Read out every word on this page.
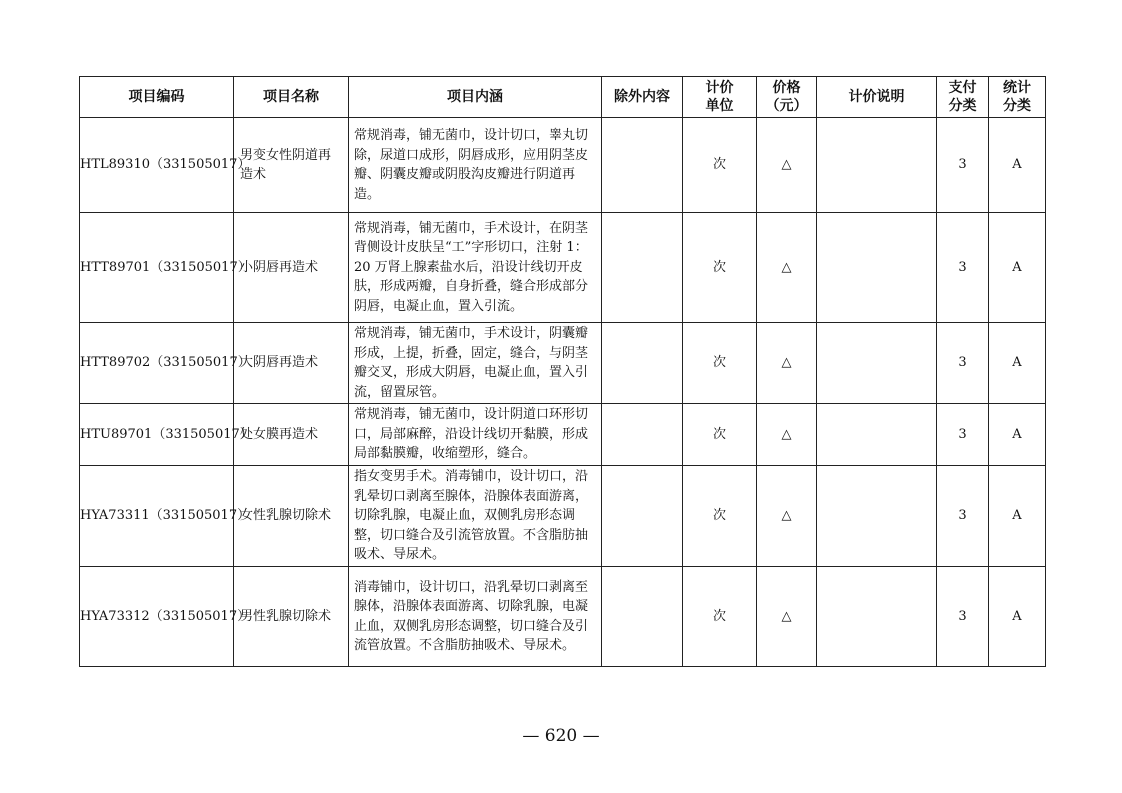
项目编码	项目名称	项目内涵	除外内容	计价单位	价格（元）	计价说明	支付分类	统计分类
HTL89310（331505017）	男变女性阴道再造术	常规消毒，铺无菌巾，设计切口，睾丸切除，尿道口成形，阴唇成形，应用阴茎皮瓣、阴囊皮瓣或阴股沟皮瓣进行阴道再造。		次	△		3	A
HTT89701（331505017）	小阴唇再造术	常规消毒，铺无菌巾，手术设计，在阴茎背侧设计皮肤呈“工”字形切口，注射 1：20 万肾上腺素盐水后，沿设计线切开皮肤，形成两瓣，自身折叠，缝合形成部分阴唇，电凝止血，置入引流。		次	△		3	A
HTT89702（331505017）	大阴唇再造术	常规消毒，铺无菌巾，手术设计，阴囊瓣形成，上提，折叠，固定，缝合，与阴茎瓣交叉，形成大阴唇，电凝止血，置入引流，留置尿管。		次	△		3	A
HTU89701（331505017）	处女膜再造术	常规消毒，铺无菌巾，设计阴道口环形切口，局部麻醉，沿设计线切开黏膜，形成局部黏膜瓣，收缩塑形，缝合。		次	△		3	A
HYA73311（331505017）	女性乳腺切除术	指女变男手术。消毒铺巾，设计切口，沿乳晕切口剥离至腺体，沿腺体表面游离，切除乳腺，电凝止血，双侧乳房形态调整，切口缝合及引流管放置。不含脂肪抽吸术、导尿术。		次	△		3	A
HYA73312（331505017）	男性乳腺切除术	消毒铺巾，设计切口，沿乳晕切口剥离至腺体，沿腺体表面游离、切除乳腺，电凝止血，双侧乳房形态调整，切口缝合及引流管放置。不含脂肪抽吸术、导尿术。		次	△		3	A
— 620 —
